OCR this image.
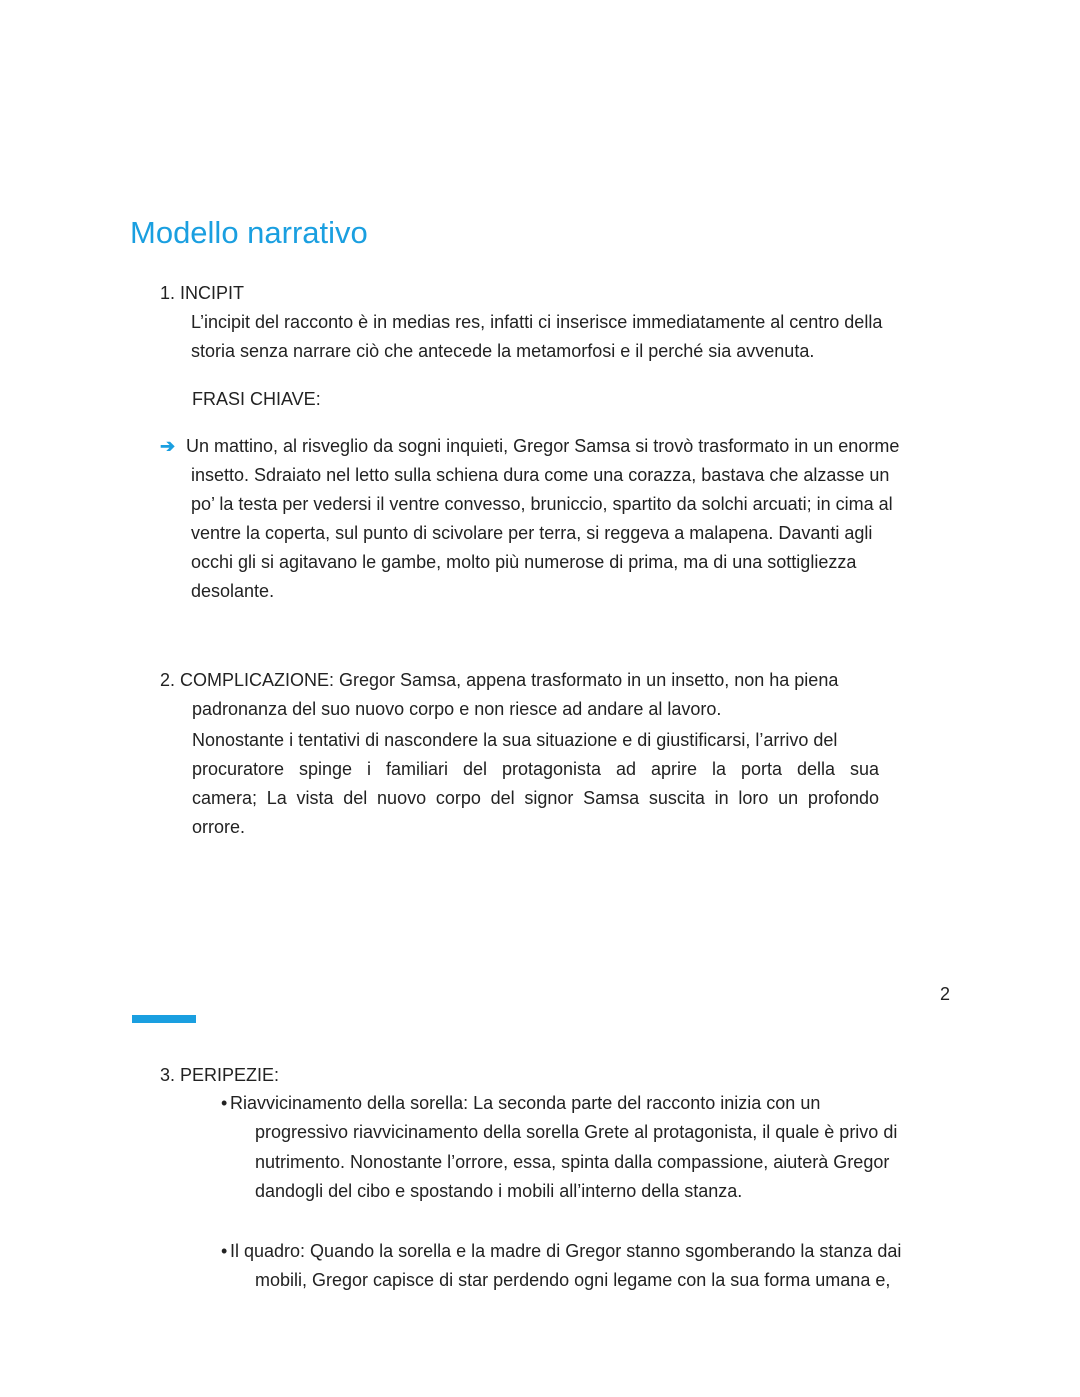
Modello narrativo
1. INCIPIT
L’incipit del racconto è in medias res, infatti ci inserisce immediatamente al centro della
storia senza narrare ciò che antecede la metamorfosi e il perché sia avvenuta.
FRASI CHIAVE:
➔ Un mattino, al risveglio da sogni inquieti, Gregor Samsa si trovò trasformato in un enorme
insetto. Sdraiato nel letto sulla schiena dura come una corazza, bastava che alzasse un
po’ la testa per vedersi il ventre convesso, bruniccio, spartito da solchi arcuati; in cima al
ventre la coperta, sul punto di scivolare per terra, si reggeva a malapena. Davanti agli
occhi gli si agitavano le gambe, molto più numerose di prima, ma di una sottigliezza
desolante.
2. COMPLICAZIONE: Gregor Samsa, appena trasformato in un insetto, non ha piena
padronanza del suo nuovo corpo e non riesce ad andare al lavoro.
Nonostante i tentativi di nascondere la sua situazione e di giustificarsi, l’arrivo del
procuratore spinge i familiari del protagonista ad aprire la porta della sua
camera; La vista del nuovo corpo del signor Samsa suscita in loro un profondo
orrore.
2
3. PERIPEZIE:
• Riavvicinamento della sorella: La seconda parte del racconto inizia con un
progressivo riavvicinamento della sorella Grete al protagonista, il quale è privo di
nutrimento. Nonostante l’orrore, essa, spinta dalla compassione, aiuterà Gregor
dandogli del cibo e spostando i mobili all’interno della stanza.
• Il quadro: Quando la sorella e la madre di Gregor stanno sgomberando la stanza dai
mobili, Gregor capisce di star perdendo ogni legame con la sua forma umana e,
